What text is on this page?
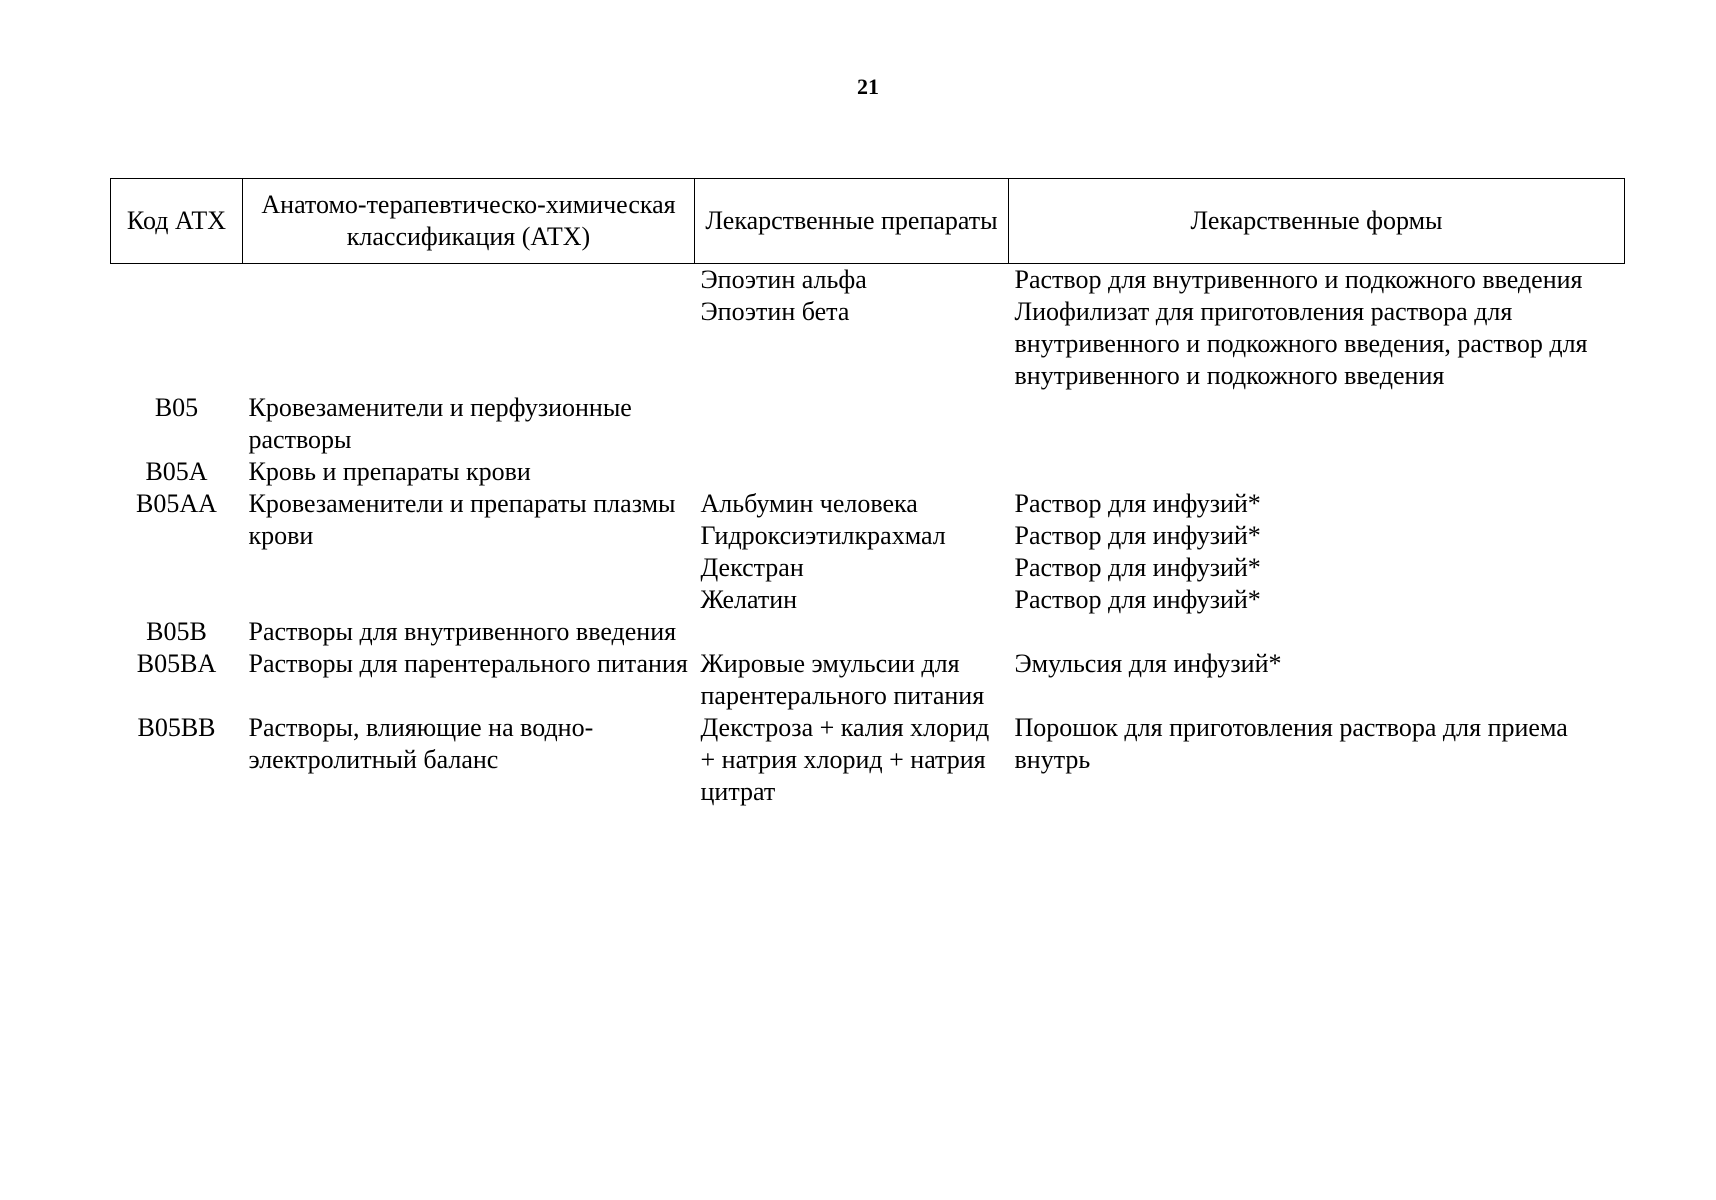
21
Код АТХ	Анатомо-терапевтическо-химическая классификация (АТХ)	Лекарственные препараты	Лекарственные формы
		Эпоэтин альфа	Раствор для внутривенного и подкожного введения
		Эпоэтин бета	Лиофилизат для приготовления раствора для внутривенного и подкожного введения, раствор для внутривенного и подкожного введения
B05	Кровезаменители и перфузионные растворы		
B05A	Кровь и препараты крови		
B05AA	Кровезаменители и препараты плазмы крови	Альбумин человека	Раствор для инфузий*
		Гидроксиэтилкрахмал	Раствор для инфузий*
		Декстран	Раствор для инфузий*
		Желатин	Раствор для инфузий*
B05B	Растворы для внутривенного введения		
B05BA	Растворы для парентерального питания	Жировые эмульсии для парентерального питания	Эмульсия для инфузий*
B05BB	Растворы, влияющие на водно-электролитный баланс	Декстроза + калия хлорид + натрия хлорид + натрия цитрат	Порошок для приготовления раствора для приема внутрь
